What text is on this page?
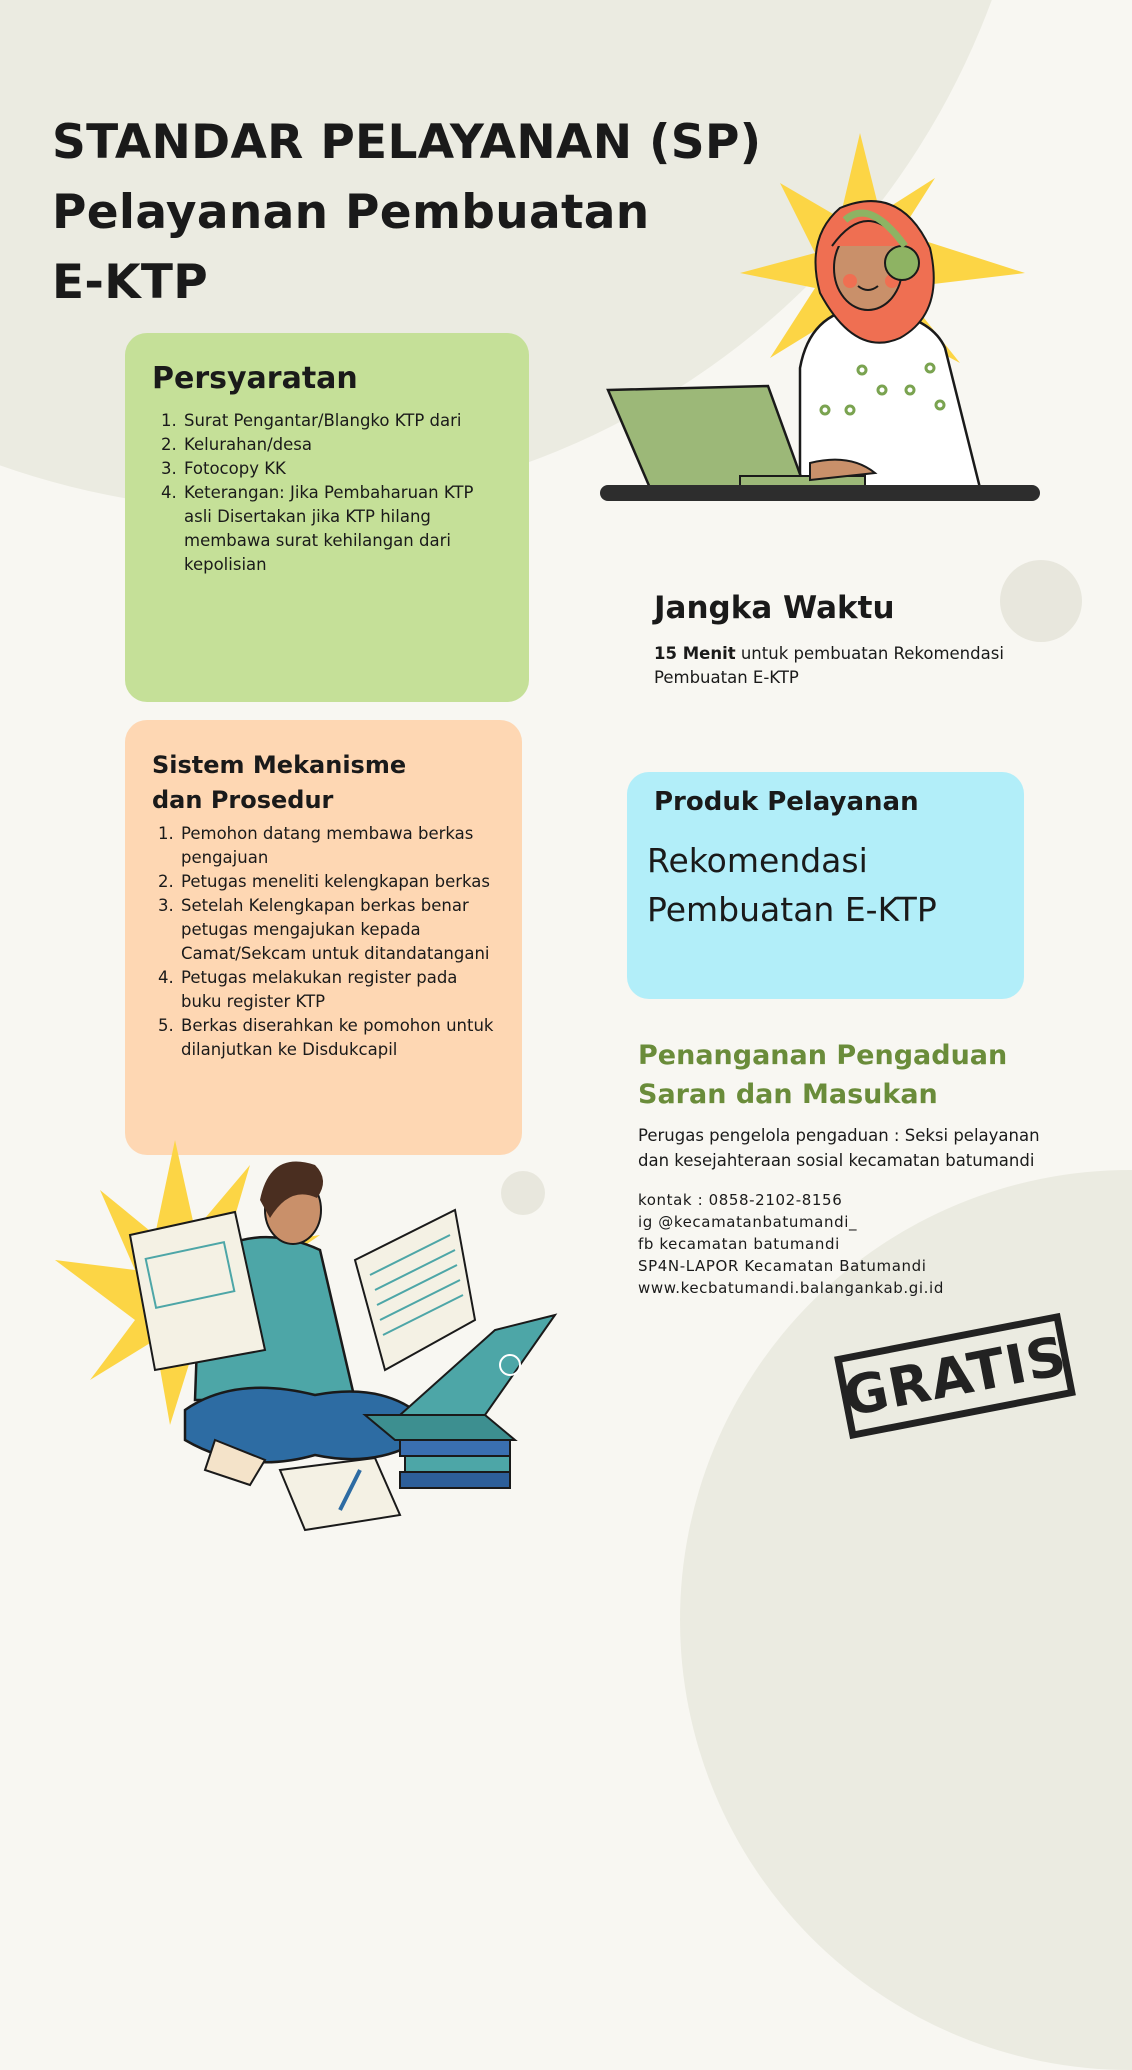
STANDAR PELAYANAN (SP)
Pelayanan Pembuatan
E-KTP
Persyaratan
1. Surat Pengantar/Blangko KTP dari
2. Kelurahan/desa
3. Fotocopy KK
4. Keterangan: Jika Pembaharuan KTP asli Disertakan jika KTP hilang membawa surat kehilangan dari kepolisian
Jangka Waktu

15 Menit untuk pembuatan Rekomendasi Pembuatan E-KTP

Sistem Mekanisme
dan Prosedur
1. Pemohon datang membawa berkas pengajuan
2. Petugas meneliti kelengkapan berkas
3. Setelah Kelengkapan berkas benar petugas mengajukan kepada Camat/Sekcam untuk ditandatangani
4. Petugas melakukan register pada buku register KTP
5. Berkas diserahkan ke pomohon untuk dilanjutkan ke Disdukcapil
Produk Pelayanan
Rekomendasi
Pembuatan E-KTP
Penanganan Pengaduan
Saran dan Masukan

Perugas pengelola pengaduan : Seksi pelayanan dan kesejahteraan sosial kecamatan batumandi

kontak : 0858-2102-8156
ig @kecamatanbatumandi_
fb kecamatan batumandi
SP4N-LAPOR Kecamatan Batumandi
www.kecbatumandi.balangankab.gi.id
GRATIS
